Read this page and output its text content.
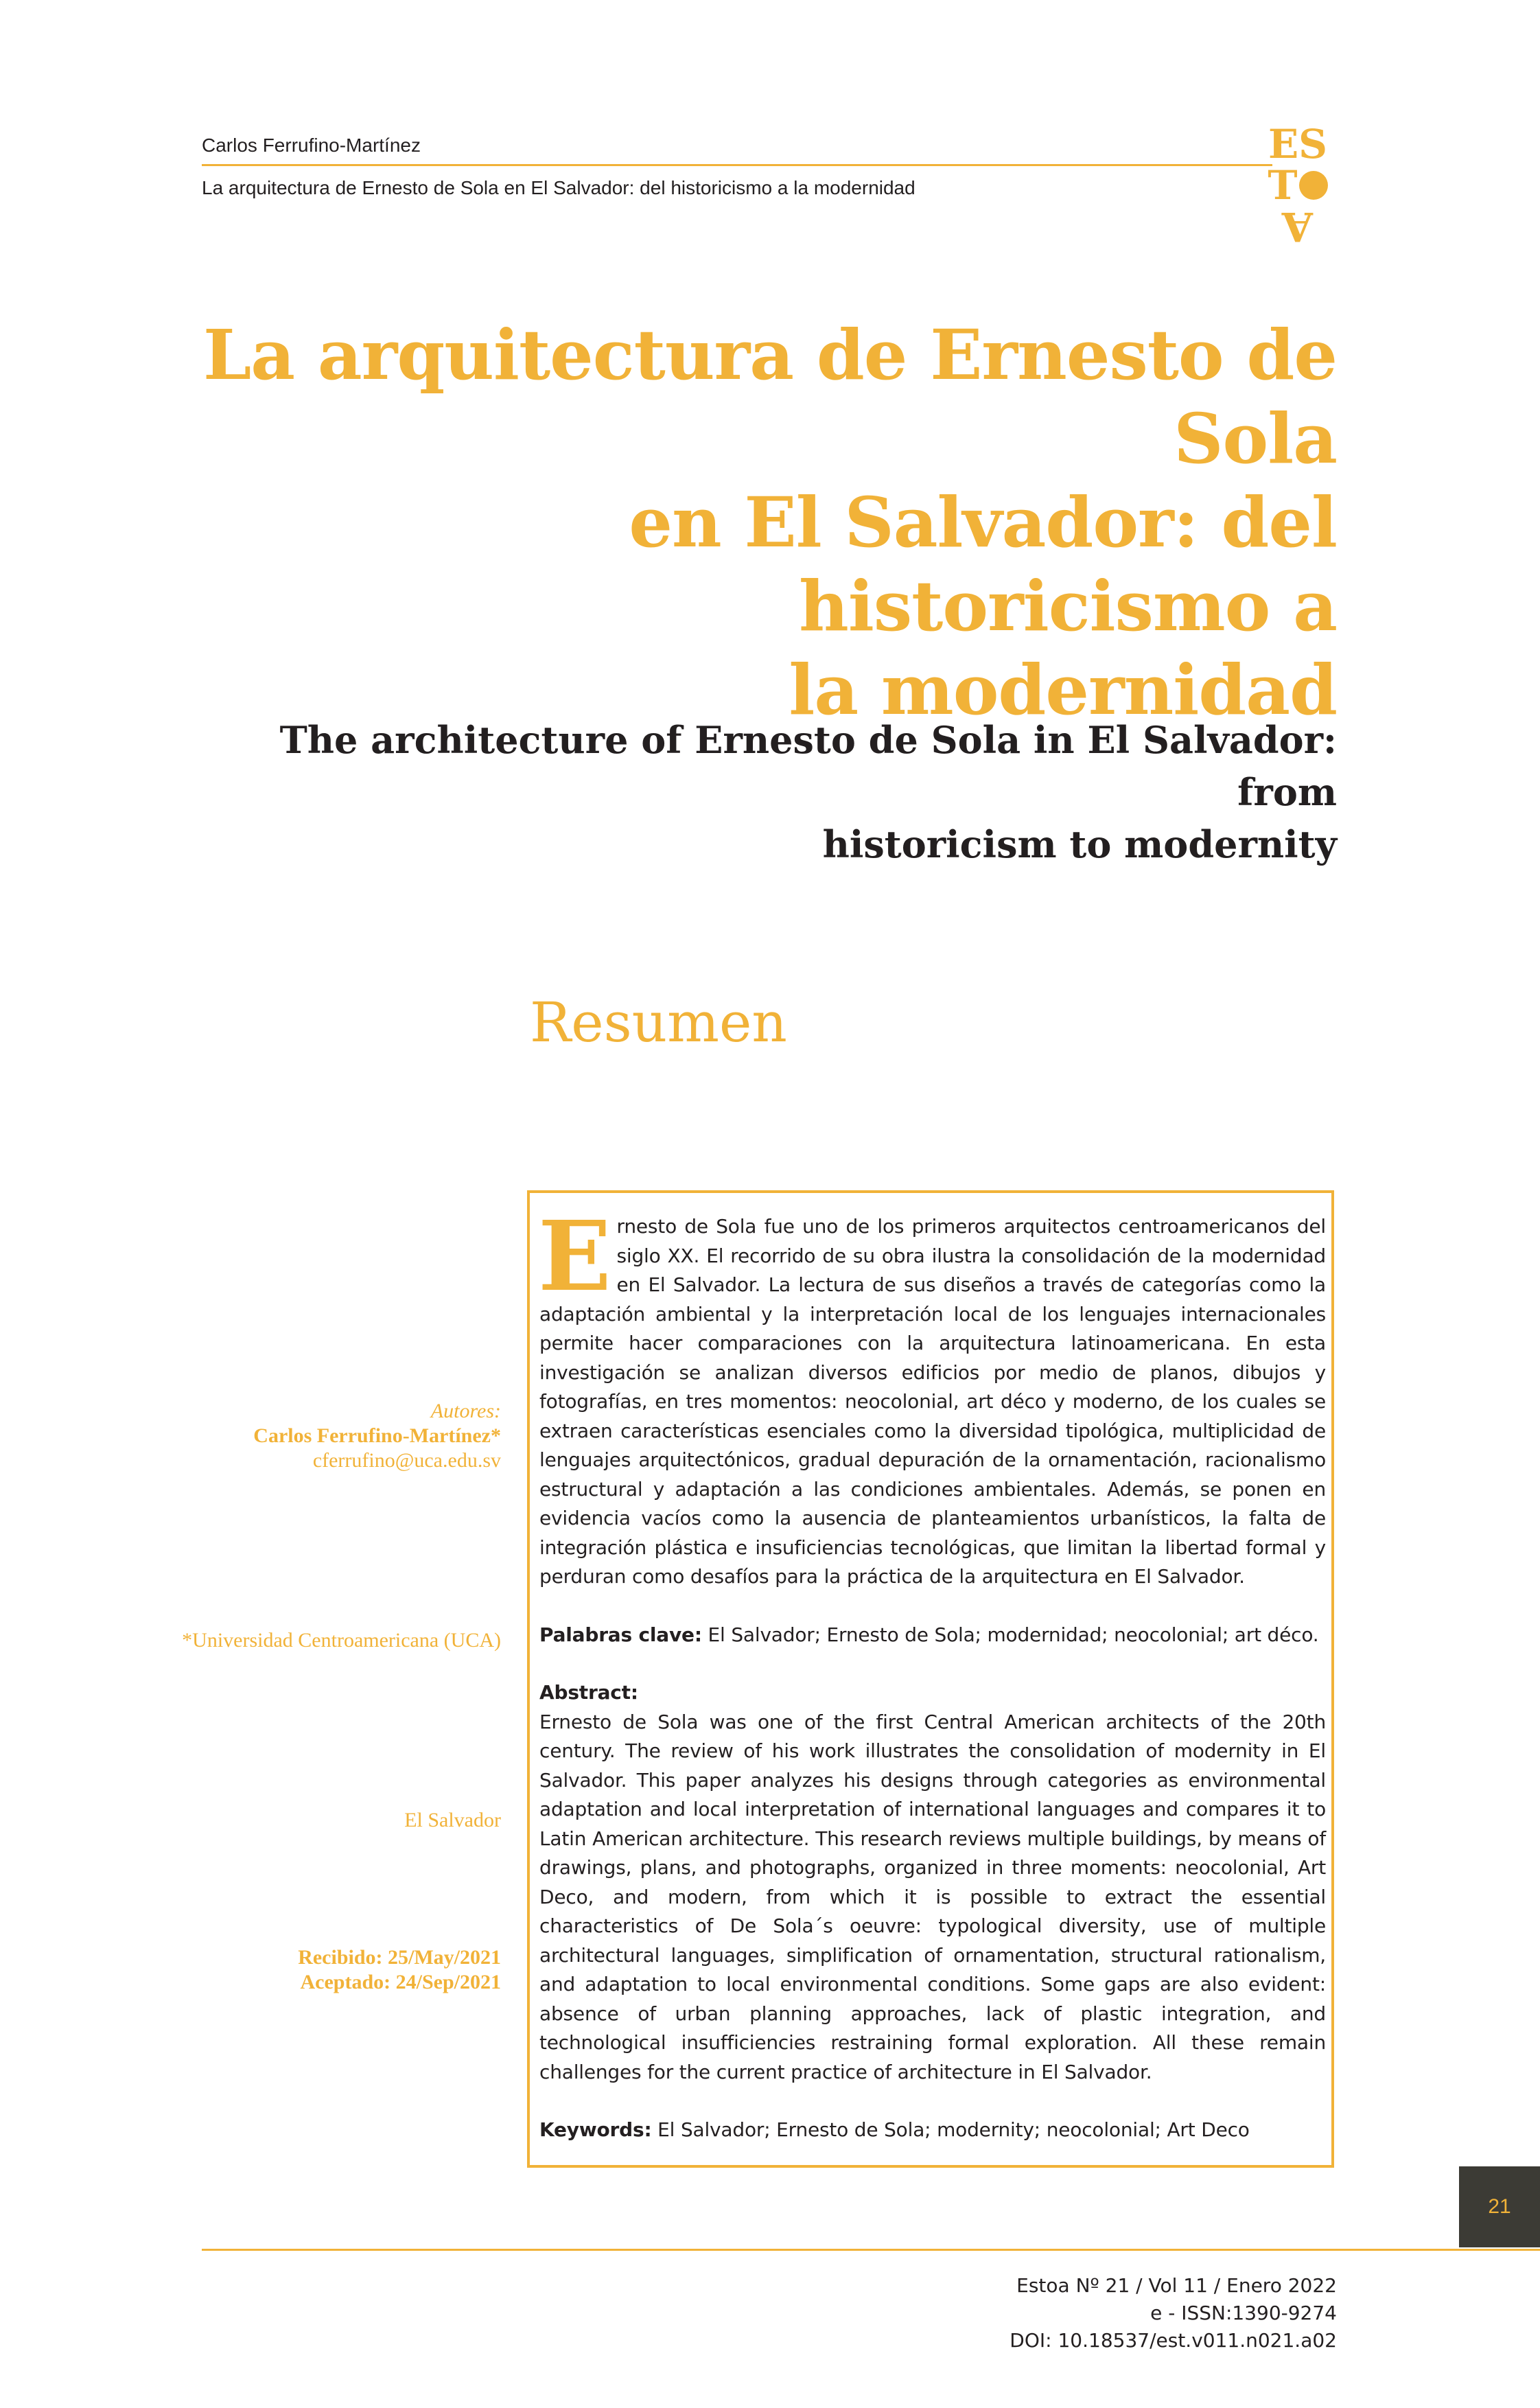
Carlos Ferrufino-Martínez
La arquitectura de Ernesto de Sola en El Salvador: del historicismo a la modernidad
ES
T
A
La arquitectura de Ernesto de Sola
en El Salvador: del historicismo a
la modernidad
The architecture of Ernesto de Sola in El Salvador: from
historicism to modernity
Resumen
Autores:
Carlos Ferrufino-Martínez*
cferrufino@uca.edu.sv
*Universidad Centroamericana (UCA)
El Salvador
Recibido: 25/May/2021
Aceptado: 24/Sep/2021

Ernesto de Sola fue uno de los primeros arquitectos centroamericanos del siglo XX. El recorrido de su obra ilustra la consolidación de la modernidad en El Salvador. La lectura de sus diseños a través de categorías como la adaptación ambiental y la interpretación local de los lenguajes internacionales permite hacer comparaciones con la arquitectura latinoamericana. En esta investigación se analizan diversos edificios por medio de planos, dibujos y fotografías, en tres momentos: neocolonial, art déco y moderno, de los cuales se extraen características esenciales como la diversidad tipológica, multiplicidad de lenguajes arquitectónicos, gradual depuración de la ornamentación, racionalismo estructural y adaptación a las condiciones ambientales. Además, se ponen en evidencia vacíos como la ausencia de planteamientos urbanísticos, la falta de integración plástica e insuficiencias tecnológicas, que limitan la libertad formal y perduran como desafíos para la práctica de la arquitectura en El Salvador.

Palabras clave: El Salvador; Ernesto de Sola; modernidad; neocolonial; art déco.

Abstract:

Ernesto de Sola was one of the first Central American architects of the 20th century. The review of his work illustrates the consolidation of modernity in El Salvador. This paper analyzes his designs through categories as environmental adaptation and local interpretation of international languages and compares it to Latin American architecture. This research reviews multiple buildings, by means of drawings, plans, and photographs, organized in three moments: neocolonial, Art Deco, and modern, from which it is possible to extract the essential characteristics of De Sola´s oeuvre: typological diversity, use of multiple architectural languages, simplification of ornamentation, structural rationalism, and adaptation to local environmental conditions. Some gaps are also evident: absence of urban planning approaches, lack of plastic integration, and technological insufficiencies restraining formal exploration. All these remain challenges for the current practice of architecture in El Salvador.

Keywords: El Salvador; Ernesto de Sola; modernity; neocolonial; Art Deco

21
Estoa Nº 21 / Vol 11 / Enero 2022
e - ISSN:1390-9274
DOI: 10.18537/est.v011.n021.a02
